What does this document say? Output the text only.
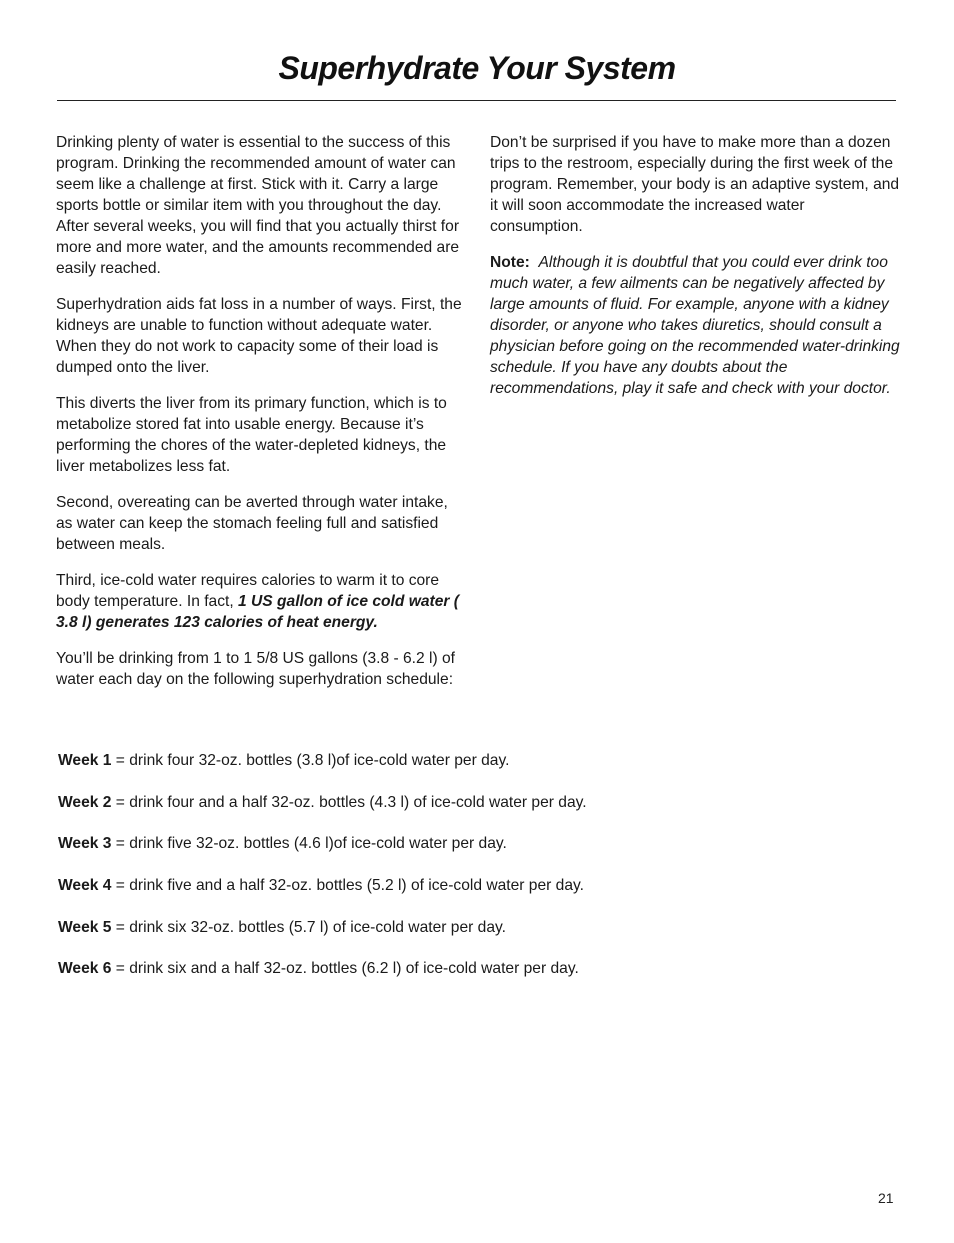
Superhydrate Your System

Drinking plenty of water is essential to the success of this program. Drinking the recommended amount of water can seem like a challenge at first. Stick with it. Carry a large sports bottle or similar item with you throughout the day. After several weeks, you will find that you actually thirst for more and more water, and the amounts recommended are easily reached.

Superhydration aids fat loss in a number of ways. First, the kidneys are unable to function without adequate water. When they do not work to capacity some of their load is dumped onto the liver.

This diverts the liver from its primary function, which is to metabolize stored fat into usable energy. Because it’s performing the chores of the water-depleted kidneys, the liver metabolizes less fat.

Second, overeating can be averted through water intake, as water can keep the stomach feeling full and satisfied between meals.

Third, ice-cold water requires calories to warm it to core body temperature. In fact, 1 US gallon of ice cold water ( 3.8 l) generates 123 calories of heat energy.

You’ll be drinking from 1 to 1 5/8 US gallons (3.8 - 6.2 l) of water each day on the following superhydration schedule:

Don’t be surprised if you have to make more than a dozen trips to the restroom, especially during the first week of the program. Remember, your body is an adaptive system, and it will soon accommodate the increased water consumption.

Note: Although it is doubtful that you could ever drink too much water, a few ailments can be negatively affected by large amounts of fluid. For example, anyone with a kidney disorder, or anyone who takes diuretics, should consult a physician before going on the recommended water-drinking schedule. If you have any doubts about the recommendations, play it safe and check with your doctor.

Week 1 = drink four 32-oz. bottles (3.8 l)of ice-cold water per day.
Week 2 = drink four and a half 32-oz. bottles (4.3 l) of ice-cold water per day.
Week 3 = drink five 32-oz. bottles (4.6 l)of ice-cold water per day.
Week 4 = drink five and a half 32-oz. bottles (5.2 l) of ice-cold water per day.
Week 5 = drink six 32-oz. bottles (5.7 l) of ice-cold water per day.
Week 6 = drink six and a half 32-oz. bottles (6.2 l) of ice-cold water per day.
21
